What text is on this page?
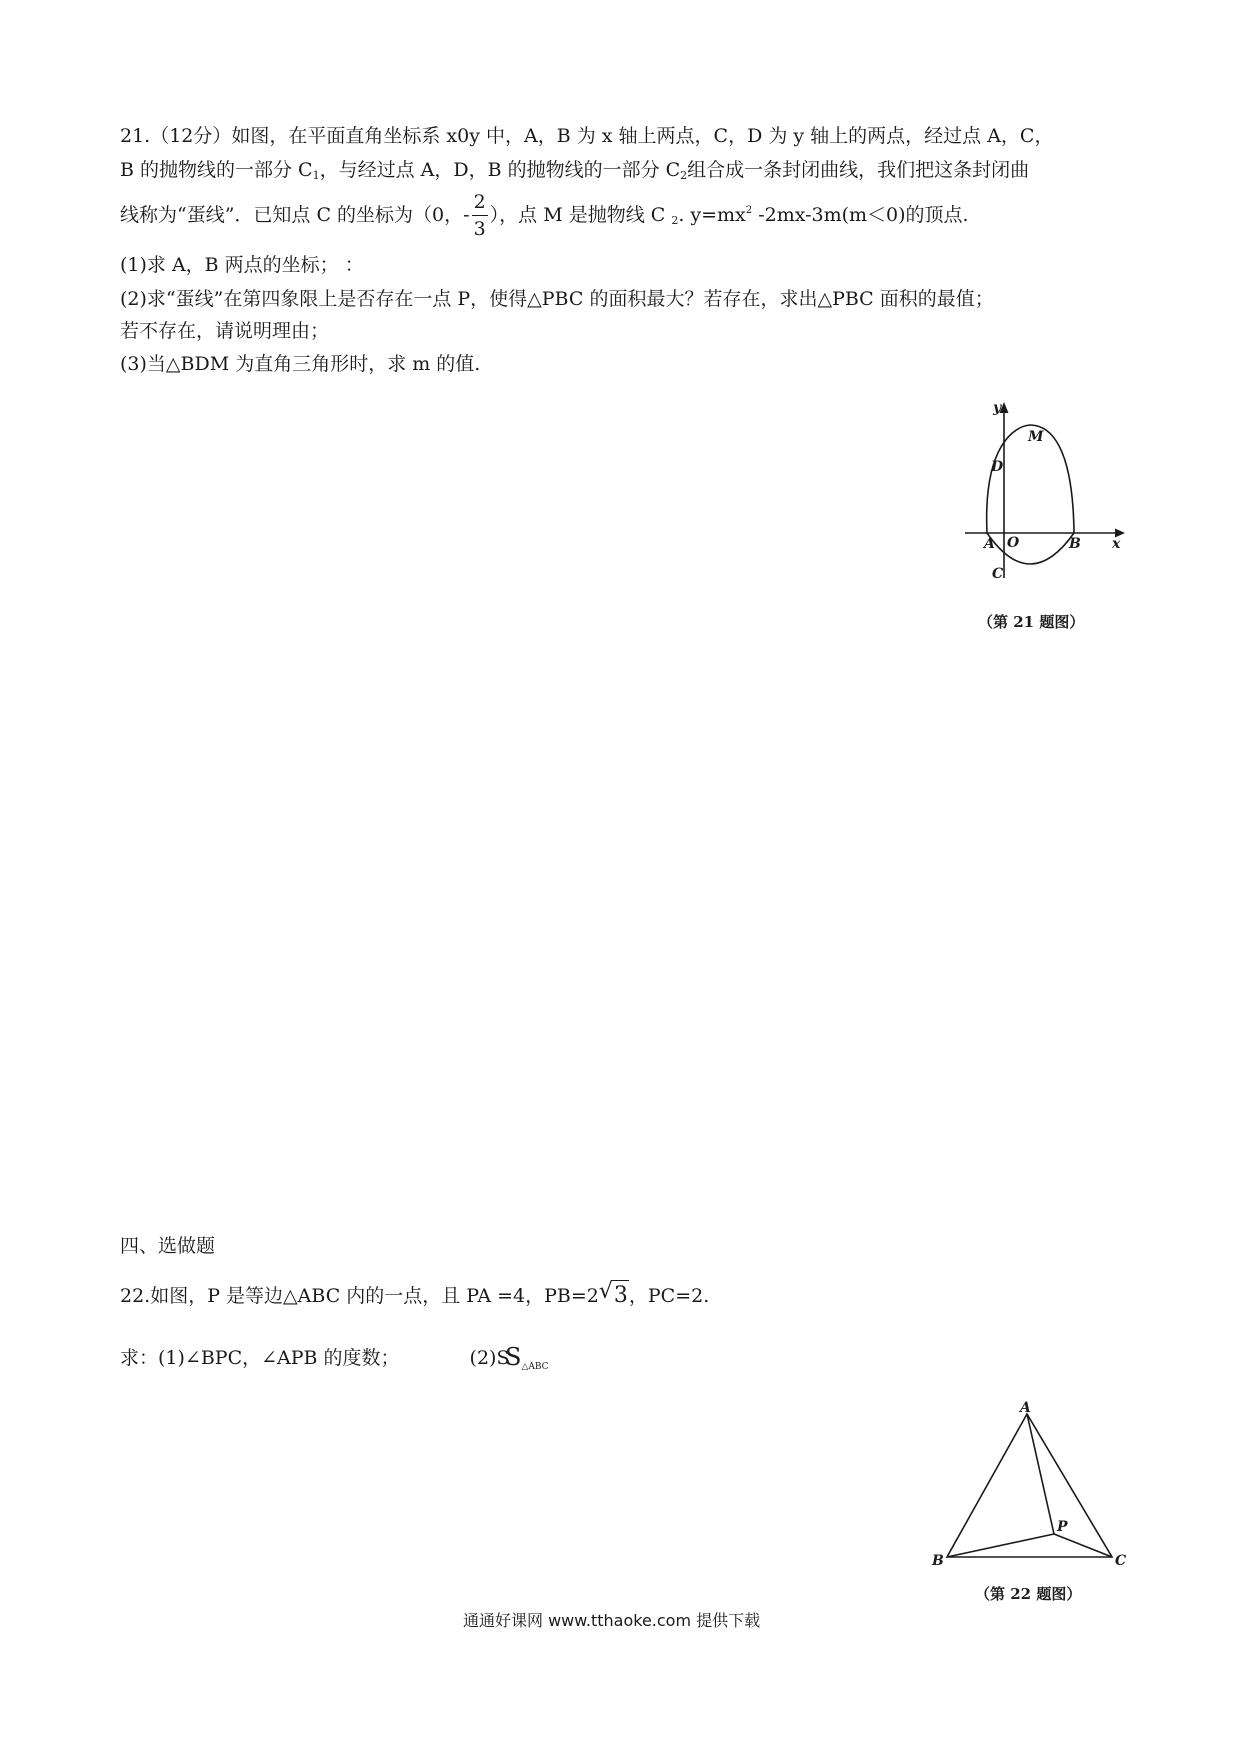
21.（12分）如图，在平面直角坐标系 x0y 中，A，B 为 x 轴上两点，C，D 为 y 轴上的两点，经过点 A，C，
B 的抛物线的一部分 $C_1$，与经过点 A，D，B 的抛物线的一部分 $C_2$组合成一条封闭曲线，我们把这条封闭曲
线称为“蛋线”．已知点 C 的坐标为（0，- $\frac{2}{3}$ ），点 M 是抛物线 C $_2$. $y=mx^2$ -2mx-3m(m＜0)的顶点.
(1)求 A，B 两点的坐标； ：
(2)求“蛋线”在第四象限上是否存在一点 P，使得△PBC 的面积最大？若存在，求出△PBC 面积的最值；
若不存在，请说明理由；
(3)当△BDM 为直角三角形时，求 m 的值.
y
x
M
D
A O	B
C
（第 21 题图）
四、选做题
22.如图，P 是等边△ABC 内的一点，且 PA =4，PB=2 √ 3，PC=2.
求：(1)∠BPC，∠APB 的度数；	(2)S
$S_{\triangle ABC}$
A
B	C
P
（第 22 题图）
通通好课网 www.tthaoke.com 提供下载
